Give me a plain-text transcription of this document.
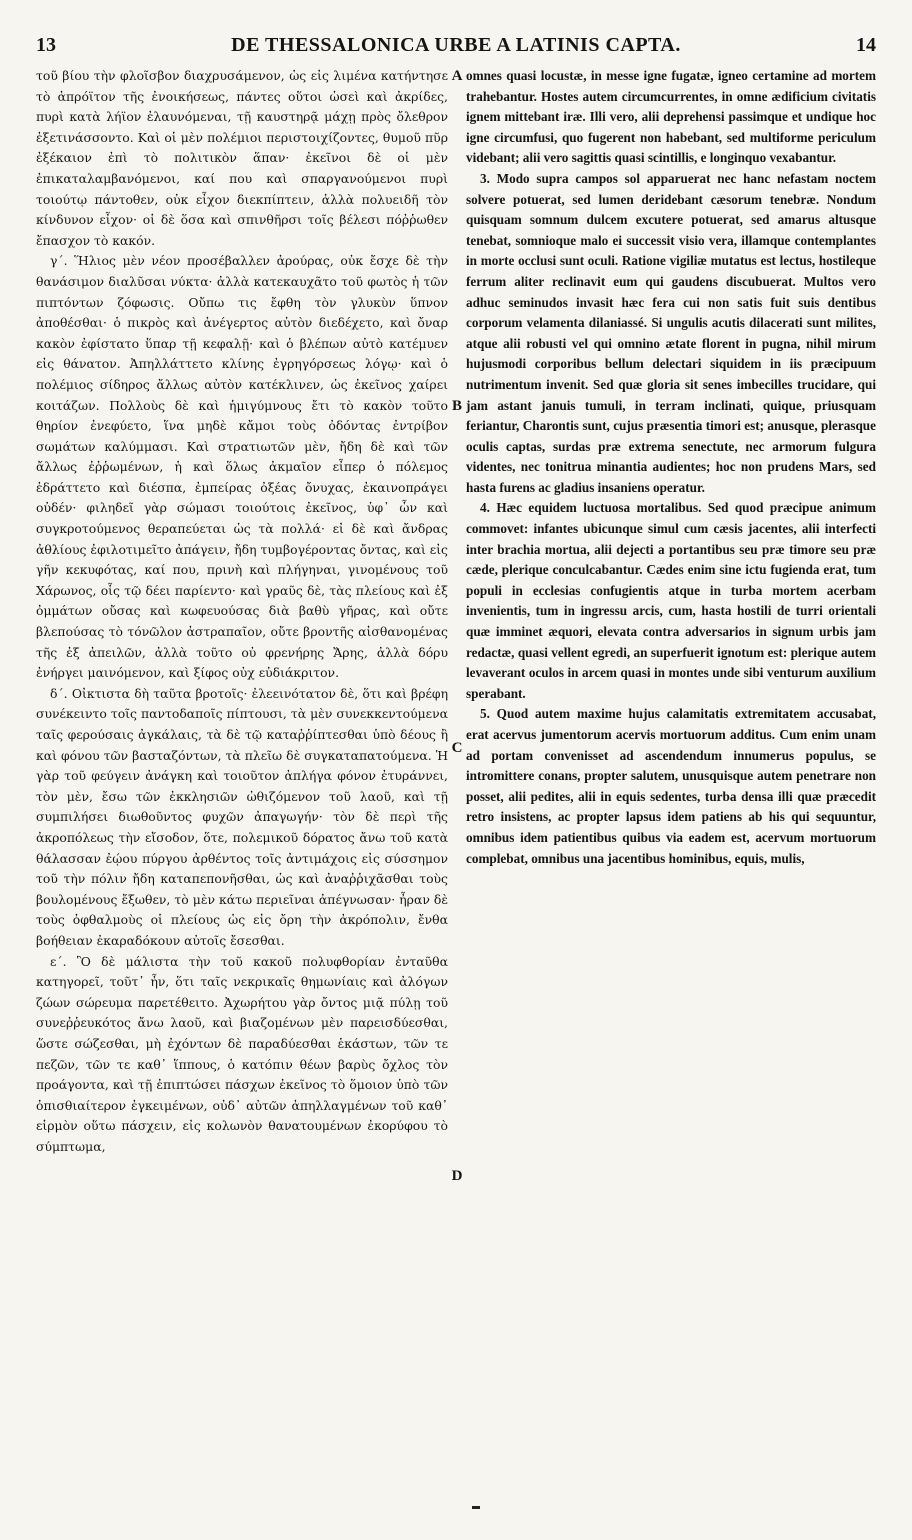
13	DE THESSALONICA URBE A LATINIS CAPTA.	14

τοῦ βίου τὴν φλοῖσβον διαχρυσάμενον, ὡς εἰς λιμένα κατήντησε τὸ ἀπρόϊτον τῆς ἐνοικήσεως, πάντες οὕτοι ὡσεὶ καὶ ἀκρίδες, πυρὶ κατὰ λήϊον ἐλαυνόμεναι, τῇ καυστηρᾷ μάχῃ πρὸς ὄλεθρον ἐξετινάσσοντο. Καὶ οἱ μὲν πολέμιοι περιστοιχίζοντες, θυμοῦ πῦρ ἐξέκαιον ἐπὶ τὸ πολιτικὸν ἅπαν· ἐκεῖνοι δὲ οἱ μὲν ἐπικαταλαμβανόμενοι, καί που καὶ σπαργανούμενοι πυρὶ τοιούτῳ πάντοθεν, οὐκ εἶχον διεκπίπτειν, ἀλλὰ πολυειδῆ τὸν κίνδυνον εἶχον· οἱ δὲ ὅσα καὶ σπινθῆρσι τοῖς βέλεσι πόῤῥωθεν ἔπασχον τὸ κακόν.

γ΄. Ἥλιος μὲν νέον προσέβαλλεν ἀρούρας, οὐκ ἔσχε δὲ τὴν θανάσιμον διαλῦσαι νύκτα· ἀλλὰ κατεκαυχᾶτο τοῦ φωτὸς ἡ τῶν πιπτόντων ζόφωσις. Οὔπω τις ἔφθη τὸν γλυκὺν ὕπνον ἀποθέσθαι· ὁ πικρὸς καὶ ἀνέγερτος αὐτὸν διεδέχετο, καὶ ὄναρ κακὸν ἐφίστατο ὕπαρ τῇ κεφαλῇ· καὶ ὁ βλέπων αὐτὸ κατέμυεν εἰς θάνατον. Ἀπηλλάττετο κλίνης ἐγρηγόρσεως λόγῳ· καὶ ὁ πολέμιος σίδηρος ἄλλως αὐτὸν κατέκλινεν, ὡς ἐκεῖνος χαίρει κοιτάζων. Πολλοὺς δὲ καὶ ἡμιγύμνους ἔτι τὸ κακὸν τοῦτο θηρίον ἐνεφύετο, ἵνα μηδὲ κἄμοι τοὺς ὀδόντας ἐντρίβον σωμάτων καλύμμασι. Καὶ στρατιωτῶν μὲν, ἤδη δὲ καὶ τῶν ἄλλως ἐῤῥωμένων, ἡ καὶ ὅλως ἀκμαῖον εἶπερ ὁ πόλεμος ἐδράττετο καὶ διέσπα, ἐμπείρας ὀξέας ὄνυχας, ἐκαινοπράγει οὐδέν· φιληδεῖ γὰρ σώμασι τοιούτοις ἐκεῖνος, ὑφ᾽ ὧν καὶ συγκροτούμενος θεραπεύεται ὡς τὰ πολλά· εἰ δὲ καὶ ἄνδρας ἀθλίους ἐφιλοτιμεῖτο ἀπάγειν, ἤδη τυμβογέροντας ὄντας, καὶ εἰς γῆν κεκυφότας, καί που, πρινὴ καὶ πλήγηναι, γινομένους τοῦ Χάρωνος, οἷς τῷ δέει παρίεντο· καὶ γραῦς δὲ, τὰς πλείους καὶ ἐξ ὀμμάτων οὔσας καὶ κωφευούσας διὰ βαθὺ γῆρας, καὶ οὔτε βλεπούσας τὸ τόνῶλον ἀστραπαῖον, οὔτε βροντῆς αἰσθανομένας τῆς ἐξ ἀπειλῶν, ἀλλὰ τοῦτο οὐ φρενήρης Ἄρης, ἀλλὰ δόρυ ἐνήργει μαινόμενον, καὶ ξίφος οὐχ εὐδιάκριτον.

δ΄. Οἰκτιστα δὴ ταῦτα βροτοῖς· ἐλεεινότατον δὲ, ὅτι καὶ βρέφη συνέκειντο τοῖς παντοδαποῖς πίπτουσι, τὰ μὲν συνεκκεντούμενα ταῖς φερούσαις ἀγκάλαις, τὰ δὲ τῷ καταῤῥίπτεσθαι ὑπὸ δέους ἢ καὶ φόνου τῶν βασταζόντων, τὰ πλεῖω δὲ συγκαταπατούμενα. Ἡ γὰρ τοῦ φεύγειν ἀνάγκη καὶ τοιοῦτον ἀπλήγα φόνον ἐτυράννει, τὸν μὲν, ἔσω τῶν ἐκκλησιῶν ὠθιζόμενον τοῦ λαοῦ, καὶ τῇ συμπιλήσει διωθοῦντος φυχῶν ἀπαγωγήν· τὸν δὲ περὶ τῆς ἀκροπόλεως τὴν εἴσοδον, ὅτε, πολεμικοῦ δόρατος ἄνω τοῦ κατὰ θάλασσαν ἐῴου πύργου ἀρθέντος τοῖς ἀντιμάχοις εἰς σύσσημον τοῦ τὴν πόλιν ἤδη καταπεπονῆσθαι, ὡς καὶ ἀναῤῥιχᾶσθαι τοὺς βουλομένους ἔξωθεν, τὸ μὲν κάτω περιεῖναι ἀπέγνωσαν· ἦραν δὲ τοὺς ὀφθαλμοὺς οἱ πλείους ὡς εἰς ὄρη τὴν ἀκρόπολιν, ἔνθα βοήθειαν ἐκαραδόκουν αὐτοῖς ἔσεσθαι.

ε΄. Ὃ δὲ μάλιστα τὴν τοῦ κακοῦ πολυφθορίαν ἐνταῦθα κατηγορεῖ, τοῦτ᾽ ἦν, ὅτι ταῖς νεκρικαῖς θημωνίαις καὶ ἀλόγων ζώων σώρευμα παρετέθειτο. Ἀχωρήτου γὰρ ὄντος μιᾷ πύλῃ τοῦ συνεῤῥευκότος ἄνω λαοῦ, καὶ βιαζομένων μὲν παρεισδύεσθαι, ὥστε σώζεσθαι, μὴ ἐχόντων δὲ παραδύεσθαι ἑκάστων, τῶν τε πεζῶν, τῶν τε καθ᾽ ἵππους, ὁ κατόπιν θέων βαρὺς ὄχλος τὸν προάγοντα, καὶ τῇ ἐπιπτώσει πάσχων ἐκεῖνος τὸ ὅμοιον ὑπὸ τῶν ὀπισθιαίτερον ἐγκειμένων, οὐδ᾽ αὐτῶν ἀπηλλαγμένων τοῦ καθ᾽ εἱρμὸν οὕτω πάσχειν, εἰς κολωνὸν θανατουμένων ἐκορύφου τὸ σύμπτωμα,

A
B
C
D

omnes quasi locustæ, in messe igne fugatæ, igneo certamine ad mortem trahebantur. Hostes autem circumcurrentes, in omne ædificium civitatis ignem mittebant iræ. Illi vero, alii deprehensi passimque et undique hoc igne circumfusi, quo fugerent non habebant, sed multiforme periculum videbant; alii vero sagittis quasi scintillis, e longinquo vexabantur.

3. Modo supra campos sol apparuerat nec hanc nefastam noctem solvere potuerat, sed lumen deridebant cæsorum tenebræ. Nondum quisquam somnum dulcem excutere potuerat, sed amarus altusque tenebat, somnioque malo ei successit visio vera, illamque contemplantes in morte occlusi sunt oculi. Ratione vigiliæ mutatus est lectus, hostileque ferrum aliter reclinavit eum qui gaudens discubuerat. Multos vero adhuc seminudos invasit hæc fera cui non satis fuit suis dentibus corporum velamenta dilaniassé. Si ungulis acutis dilacerati sunt milites, atque alii robusti vel qui omnino ætate florent in pugna, nihil mirum hujusmodi corporibus bellum delectari siquidem in iis præcipuum nutrimentum invenit. Sed quæ gloria sit senes imbecilles trucidare, qui jam astant januis tumuli, in terram inclinati, quique, priusquam feriantur, Charontis sunt, cujus præsentia timori est; anusque, plerasque oculis captas, surdas præ extrema senectute, nec armorum fulgura videntes, nec tonitrua minantia audientes; hoc non prudens Mars, sed hasta furens ac gladius insaniens operatur.

4. Hæc equidem luctuosa mortalibus. Sed quod præcipue animum commovet: infantes ubicunque simul cum cæsis jacentes, alii interfecti inter brachia mortua, alii dejecti a portantibus seu præ timore seu præ cæde, plerique conculcabantur. Cædes enim sine ictu fugienda erat, tum populi in ecclesias confugientis atque in turba mortem acerbam invenientis, tum in ingressu arcis, cum, hasta hostili de turri orientali quæ imminet æquori, elevata contra adversarios in signum urbis jam redactæ, quasi vellent egredi, an superfuerit ignotum est: plerique autem levaverant oculos in arcem quasi in montes unde sibi venturum auxilium sperabant.

5. Quod autem maxime hujus calamitatis extremitatem accusabat, erat acervus jumentorum acervis mortuorum additus. Cum enim unam ad portam convenisset ad ascendendum innumerus populus, se intromittere conans, propter salutem, unusquisque autem penetrare non posset, alii pedites, alii in equis sedentes, turba densa illi quæ præcedit retro insistens, ac propter lapsus idem patiens ab his qui sequuntur, omnibus idem patientibus quibus via eadem est, acervum mortuorum complebat, omnibus una jacentibus hominibus, equis, mulis,
